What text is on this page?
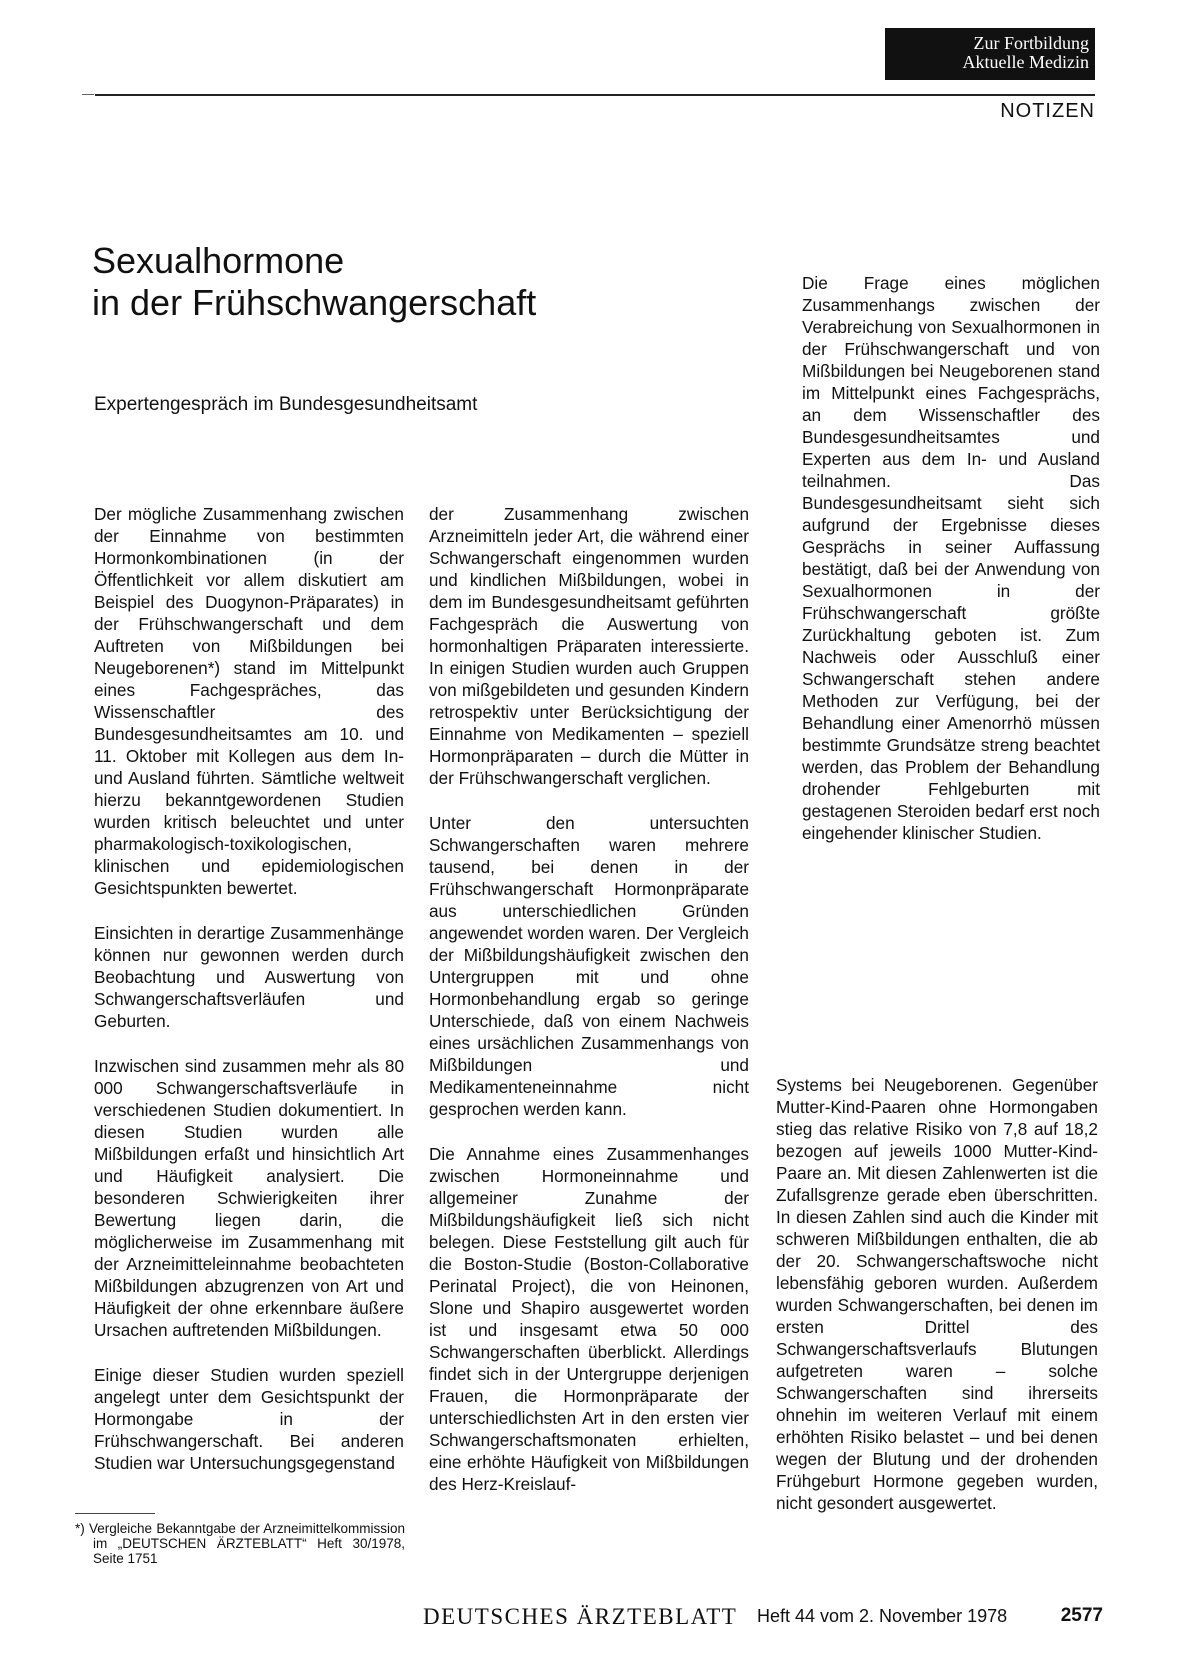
Zur Fortbildung
Aktuelle Medizin
NOTIZEN
Sexualhormone
in der Frühschwangerschaft
Expertengespräch im Bundesgesundheitsamt

Der mögliche Zusammenhang zwischen der Einnahme von bestimmten Hormonkombinationen (in der Öffentlichkeit vor allem diskutiert am Beispiel des Duogynon-Präparates) in der Frühschwangerschaft und dem Auftreten von Mißbildungen bei Neugeborenen*) stand im Mittelpunkt eines Fachgespräches, das Wissenschaftler des Bundesgesundheitsamtes am 10. und 11. Oktober mit Kollegen aus dem In- und Ausland führten. Sämtliche weltweit hierzu bekanntgewordenen Studien wurden kritisch beleuchtet und unter pharmakologisch-toxikologischen, klinischen und epidemiologischen Gesichtspunkten bewertet.

Einsichten in derartige Zusammenhänge können nur gewonnen werden durch Beobachtung und Auswertung von Schwangerschaftsverläufen und Geburten.

Inzwischen sind zusammen mehr als 80 000 Schwangerschaftsverläufe in verschiedenen Studien dokumentiert. In diesen Studien wurden alle Mißbildungen erfaßt und hinsichtlich Art und Häufigkeit analysiert. Die besonderen Schwierigkeiten ihrer Bewertung liegen darin, die möglicherweise im Zusammenhang mit der Arzneimitteleinnahme beobachteten Mißbildungen abzugrenzen von Art und Häufigkeit der ohne erkennbare äußere Ursachen auftretenden Mißbildungen.

Einige dieser Studien wurden speziell angelegt unter dem Gesichtspunkt der Hormongabe in der Frühschwangerschaft. Bei anderen Studien war Untersuchungsgegenstand

*) Vergleiche Bekanntgabe der Arzneimittelkommission im „DEUTSCHEN ÄRZTEBLATT“ Heft 30/1978, Seite 1751

der Zusammenhang zwischen Arzneimitteln jeder Art, die während einer Schwangerschaft eingenommen wurden und kindlichen Mißbildungen, wobei in dem im Bundesgesundheitsamt geführten Fachgespräch die Auswertung von hormonhaltigen Präparaten interessierte. In einigen Studien wurden auch Gruppen von mißgebildeten und gesunden Kindern retrospektiv unter Berücksichtigung der Einnahme von Medikamenten – speziell Hormonpräparaten – durch die Mütter in der Frühschwangerschaft verglichen.

Unter den untersuchten Schwangerschaften waren mehrere tausend, bei denen in der Frühschwangerschaft Hormonpräparate aus unterschiedlichen Gründen angewendet worden waren. Der Vergleich der Mißbildungshäufigkeit zwischen den Untergruppen mit und ohne Hormonbehandlung ergab so geringe Unterschiede, daß von einem Nachweis eines ursächlichen Zusammenhangs von Mißbildungen und Medikamenteneinnahme nicht gesprochen werden kann.

Die Annahme eines Zusammenhanges zwischen Hormoneinnahme und allgemeiner Zunahme der Mißbildungshäufigkeit ließ sich nicht belegen. Diese Feststellung gilt auch für die Boston-Studie (Boston-Collaborative Perinatal Project), die von Heinonen, Slone und Shapiro ausgewertet worden ist und insgesamt etwa 50 000 Schwangerschaften überblickt. Allerdings findet sich in der Untergruppe derjenigen Frauen, die Hormonpräparate der unterschiedlichsten Art in den ersten vier Schwangerschaftsmonaten erhielten, eine erhöhte Häufigkeit von Mißbildungen des Herz-Kreislauf-

Die Frage eines möglichen Zusammenhangs zwischen der Verabreichung von Sexualhormonen in der Frühschwangerschaft und von Mißbildungen bei Neugeborenen stand im Mittelpunkt eines Fachgesprächs, an dem Wissenschaftler des Bundesgesundheitsamtes und Experten aus dem In- und Ausland teilnahmen. Das Bundesgesundheitsamt sieht sich aufgrund der Ergebnisse dieses Gesprächs in seiner Auffassung bestätigt, daß bei der Anwendung von Sexualhormonen in der Frühschwangerschaft größte Zurückhaltung geboten ist. Zum Nachweis oder Ausschluß einer Schwangerschaft stehen andere Methoden zur Verfügung, bei der Behandlung einer Amenorrhö müssen bestimmte Grundsätze streng beachtet werden, das Problem der Behandlung drohender Fehlgeburten mit gestagenen Steroiden bedarf erst noch eingehender klinischer Studien.

Systems bei Neugeborenen. Gegenüber Mutter-Kind-Paaren ohne Hormongaben stieg das relative Risiko von 7,8 auf 18,2 bezogen auf jeweils 1000 Mutter-Kind-Paare an. Mit diesen Zahlenwerten ist die Zufallsgrenze gerade eben überschritten. In diesen Zahlen sind auch die Kinder mit schweren Mißbildungen enthalten, die ab der 20. Schwangerschaftswoche nicht lebensfähig geboren wurden. Außerdem wurden Schwangerschaften, bei denen im ersten Drittel des Schwangerschaftsverlaufs Blutungen aufgetreten waren – solche Schwangerschaften sind ihrerseits ohnehin im weiteren Verlauf mit einem erhöhten Risiko belastet – und bei denen wegen der Blutung und der drohenden Frühgeburt Hormone gegeben wurden, nicht gesondert ausgewertet.

DEUTSCHES ÄRZTEBLATT Heft 44 vom 2. November 1978	2577
